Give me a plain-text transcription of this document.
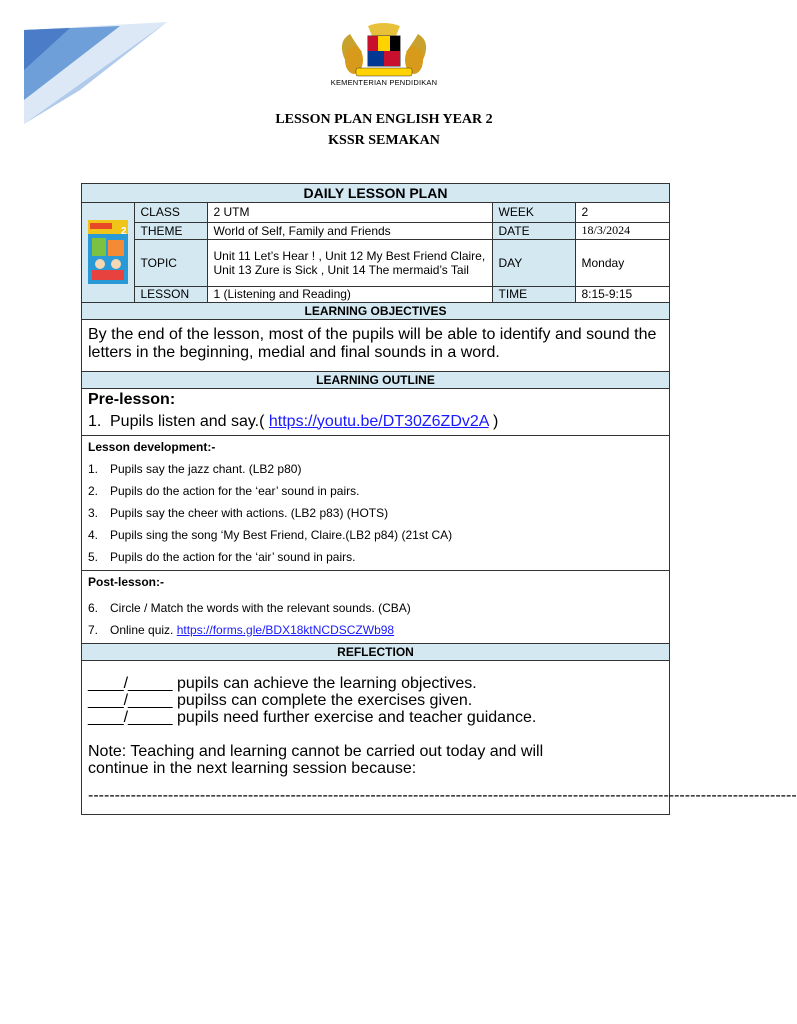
KEMENTERIAN PENDIDIKAN
LESSON PLAN ENGLISH YEAR 2
KSSR SEMAKAN
DAILY LESSON PLAN
2	CLASS	2 UTM	WEEK	2
	THEME	World of Self, Family and Friends	DATE	18/3/2024
	TOPIC	Unit 11 Let’s Hear ! , Unit 12 My Best Friend Claire, Unit 13 Zure is Sick , Unit 14 The mermaid’s Tail	DAY	Monday
	LESSON	1 (Listening and Reading)	TIME	8:15-9:15
LEARNING OBJECTIVES
By the end of the lesson, most of the pupils will be able to identify and sound the letters in the beginning, medial and final sounds in a word.
LEARNING OUTLINE
Pre-lesson:
1. Pupils listen and say.( https://youtu.be/DT30Z6ZDv2A )
Lesson development:-
1. Pupils say the jazz chant. (LB2 p80)
2. Pupils do the action for the ‘ear’ sound in pairs.
3. Pupils say the cheer with actions. (LB2 p83) (HOTS)
4. Pupils sing the song ‘My Best Friend, Claire.(LB2 p84) (21st CA)
5. Pupils do the action for the ‘air’ sound in pairs.
Post-lesson:-
6. Circle / Match the words with the relevant sounds. (CBA)
7. Online quiz. https://forms.gle/BDX18ktNCDSCZWb98
REFLECTION
____/_____ pupils can achieve the learning objectives.
____/_____ pupilss can complete the exercises given.
____/_____ pupils need further exercise and teacher guidance.
Note: Teaching and learning cannot be carried out today and will
continue in the next learning session because:
-------------------------------------------------------------------------------------------------------------------------------------
